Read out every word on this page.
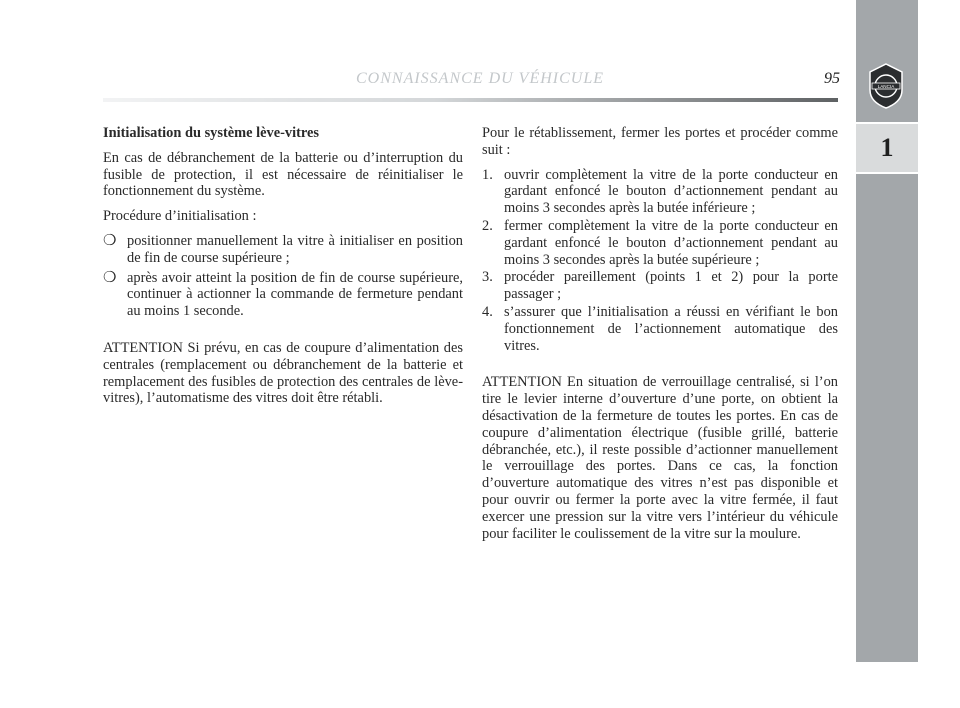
LANCIA
1
CONNAISSANCE DU VÉHICULE	95

Initialisation du système lève-vitres

En cas de débranchement de la batterie ou d’interruption du fusible de protection, il est nécessaire de réinitialiser le fonctionnement du système.

Procédure d’initialisation :

❍ positionner manuellement la vitre à initialiser en position de fin de course supérieure ;
❍ après avoir atteint la position de fin de course supérieure, continuer à actionner la commande de fermeture pendant au moins 1 seconde.

ATTENTION Si prévu, en cas de coupure d’alimentation des centrales (remplacement ou débranchement de la batterie et remplacement des fusibles de protection des centrales de lève-vitres), l’automatisme des vitres doit être rétabli.

Pour le rétablissement, fermer les portes et procéder comme suit :

1. ouvrir complètement la vitre de la porte conducteur en gardant enfoncé le bouton d’actionnement pendant au moins 3 secondes après la butée inférieure ;
2. fermer complètement la vitre de la porte conducteur en gardant enfoncé le bouton d’actionnement pendant au moins 3 secondes après la butée supérieure ;
3. procéder pareillement (points 1 et 2) pour la porte passager ;
4. s’assurer que l’initialisation a réussi en vérifiant le bon fonctionnement de l’actionnement automatique des vitres.

ATTENTION En situation de verrouillage centralisé, si l’on tire le levier interne d’ouverture d’une porte, on obtient la désactivation de la fermeture de toutes les portes. En cas de coupure d’alimentation électrique (fusible grillé, batterie débranchée, etc.), il reste possible d’actionner manuellement le verrouillage des portes. Dans ce cas, la fonction d’ouverture automatique des vitres n’est pas disponible et pour ouvrir ou fermer la porte avec la vitre fermée, il faut exercer une pression sur la vitre vers l’intérieur du véhicule pour faciliter le coulissement de la vitre sur la moulure.
